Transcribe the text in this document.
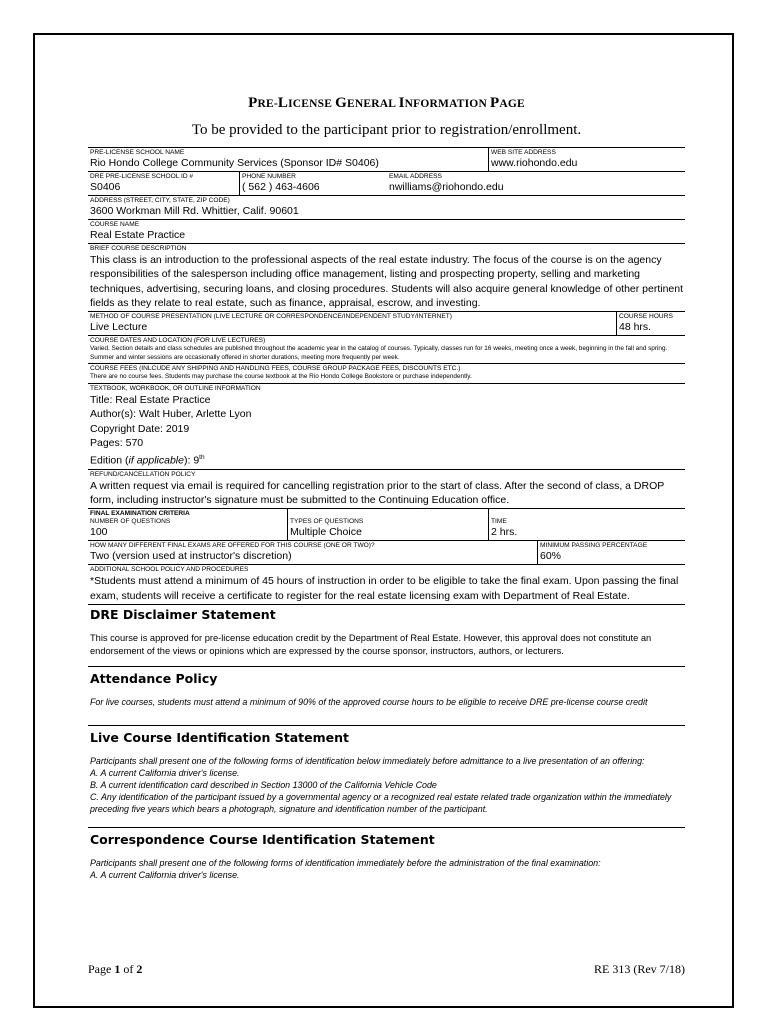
PRE-LICENSE GENERAL INFORMATION PAGE

To be provided to the participant prior to registration/enrollment.

PRE-LICENSE SCHOOL NAME
Rio Hondo College Community Services (Sponsor ID# S0406)
WEB SITE ADDRESS
www.riohondo.edu
DRE PRE-LICENSE SCHOOL ID #
S0406
PHONE NUMBER
( 562 ) 463-4606
EMAIL ADDRESS
nwilliams@riohondo.edu
ADDRESS (STREET, CITY, STATE, ZIP CODE)
3600 Workman Mill Rd. Whittier, Calif. 90601
COURSE NAME
Real Estate Practice
BRIEF COURSE DESCRIPTION
This class is an introduction to the professional aspects of the real estate industry. The focus of the course is on the agency responsibilities of the salesperson including office management, listing and prospecting property, selling and marketing techniques, advertising, securing loans, and closing procedures. Students will also acquire general knowledge of other pertinent fields as they relate to real estate, such as finance, appraisal, escrow, and investing.
METHOD OF COURSE PRESENTATION (LIVE LECTURE OR CORRESPONDENCE/INDEPENDENT STUDY/INTERNET)
Live Lecture
COURSE HOURS
48 hrs.
COURSE DATES AND LOCATION (FOR LIVE LECTURES)
Varied. Section details and class schedules are published throughout the academic year in the catalog of courses. Typically, classes run for 16 weeks, meeting once a week, beginning in the fall and spring. Summer and winter sessions are occasionally offered in shorter durations, meeting more frequently per week.
COURSE FEES (INLCUDE ANY SHIPPING AND HANDLING FEES, COURSE GROUP PACKAGE FEES, DISCOUNTS ETC.)
There are no course fees. Students may purchase the course textbook at the Rio Hondo College Bookstore or purchase independently.
TEXTBOOK, WORKBOOK, OR OUTLINE INFORMATION
Title: Real Estate Practice
Author(s): Walt Huber, Arlette Lyon
Copyright Date: 2019
Pages: 570
Edition (if applicable): 9th
REFUND/CANCELLATION POLICY
A written request via email is required for cancelling registration prior to the start of class. After the second of class, a DROP form, including instructor's signature must be submitted to the Continuing Education office.
FINAL EXAMINATION CRITERIA
NUMBER OF QUESTIONS
100
TYPES OF QUESTIONS
Multiple Choice
TIME
2 hrs.
HOW MANY DIFFERENT FINAL EXAMS ARE OFFERED FOR THIS COURSE (ONE OR TWO)?
Two (version used at instructor's discretion)
MINIMUM PASSING PERCENTAGE
60%
ADDITIONAL SCHOOL POLICY AND PROCEDURES
*Students must attend a minimum of 45 hours of instruction in order to be eligible to take the final exam. Upon passing the final exam, students will receive a certificate to register for the real estate licensing exam with Department of Real Estate.
DRE Disclaimer Statement

This course is approved for pre-license education credit by the Department of Real Estate. However, this approval does not constitute an endorsement of the views or opinions which are expressed by the course sponsor, instructors, authors, or lecturers.

Attendance Policy

For live courses, students must attend a minimum of 90% of the approved course hours to be eligible to receive DRE pre-license course credit

Live Course Identification Statement

Participants shall present one of the following forms of identification below immediately before admittance to a live presentation of an offering:

A. A current California driver's license.

B. A current identification card described in Section 13000 of the California Vehicle Code

C. Any identification of the participant issued by a governmental agency or a recognized real estate related trade organization within the immediately preceding five years which bears a photograph, signature and identification number of the participant.

Correspondence Course Identification Statement

Participants shall present one of the following forms of identification immediately before the administration of the final examination:

A. A current California driver's license.

Page 1 of 2	RE 313 (Rev 7/18)
